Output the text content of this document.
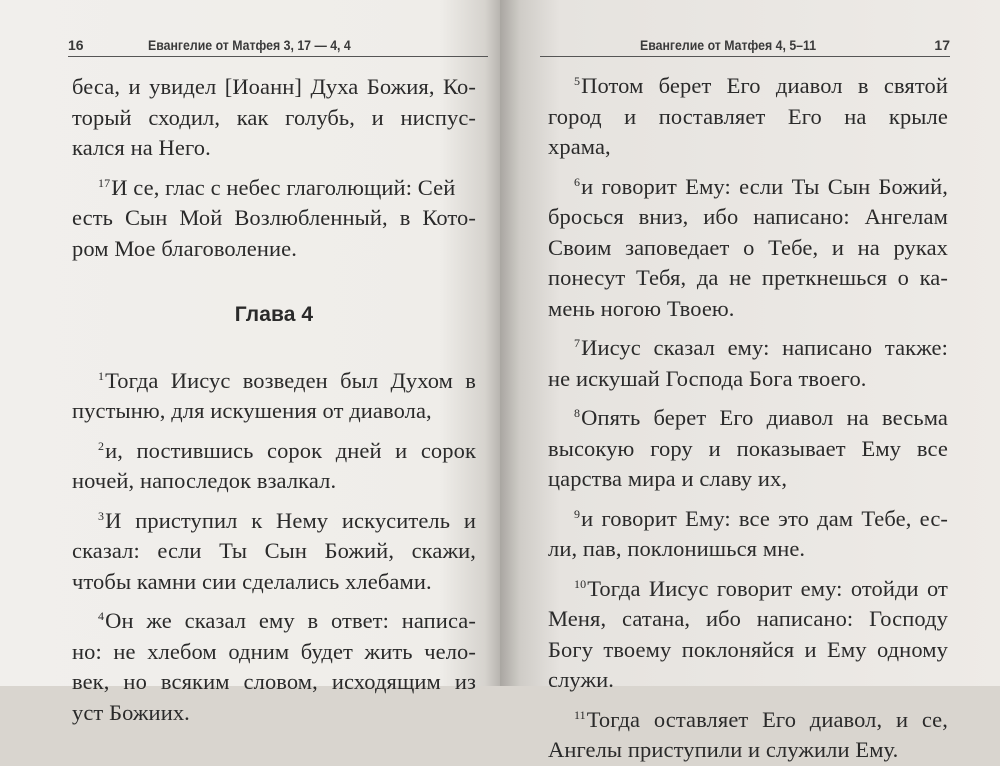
16	Евангелие от Матфея 3, 17 — 4, 4
беса, и увидел [Иоанн] Духа Божия, Ко-
торый сходил, как голубь, и ниспус-
кался на Него.
$^{17}$И се, глас с небес глаголющий: Сей
есть Сын Мой Возлюбленный, в Кото-
ром Мое благоволение.
Глава 4
$^1$Тогда Иисус возведен был Духом в
пустыню, для искушения от диавола,
$^2$и, постившись сорок дней и сорок
ночей, напоследок взалкал.
$^3$И приступил к Нему искуситель и
сказал: если Ты Сын Божий, скажи,
чтобы камни сии сделались хлебами.
$^4$Он же сказал ему в ответ: написа-
но: не хлебом одним будет жить чело-
век, но всяким словом, исходящим из
уст Божиих.
Евангелие от Матфея 4, 5–11	17
$^5$Потом берет Его диавол в святой
город и поставляет Его на крыле
храма,
$^6$и говорит Ему: если Ты Сын Божий,
бросься вниз, ибо написано: Ангелам
Своим заповедает о Тебе, и на руках
понесут Тебя, да не преткнешься о ка-
мень ногою Твоею.
$^7$Иисус сказал ему: написано также:
не искушай Господа Бога твоего.
$^8$Опять берет Его диавол на весьма
высокую гору и показывает Ему все
царства мира и славу их,
$^9$и говорит Ему: все это дам Тебе, ес-
ли, пав, поклонишься мне.
$^{10}$Тогда Иисус говорит ему: отойди от
Меня, сатана, ибо написано: Господу
Богу твоему поклоняйся и Ему одному
служи.
$^{11}$Тогда оставляет Его диавол, и се,
Ангелы приступили и служили Ему.
